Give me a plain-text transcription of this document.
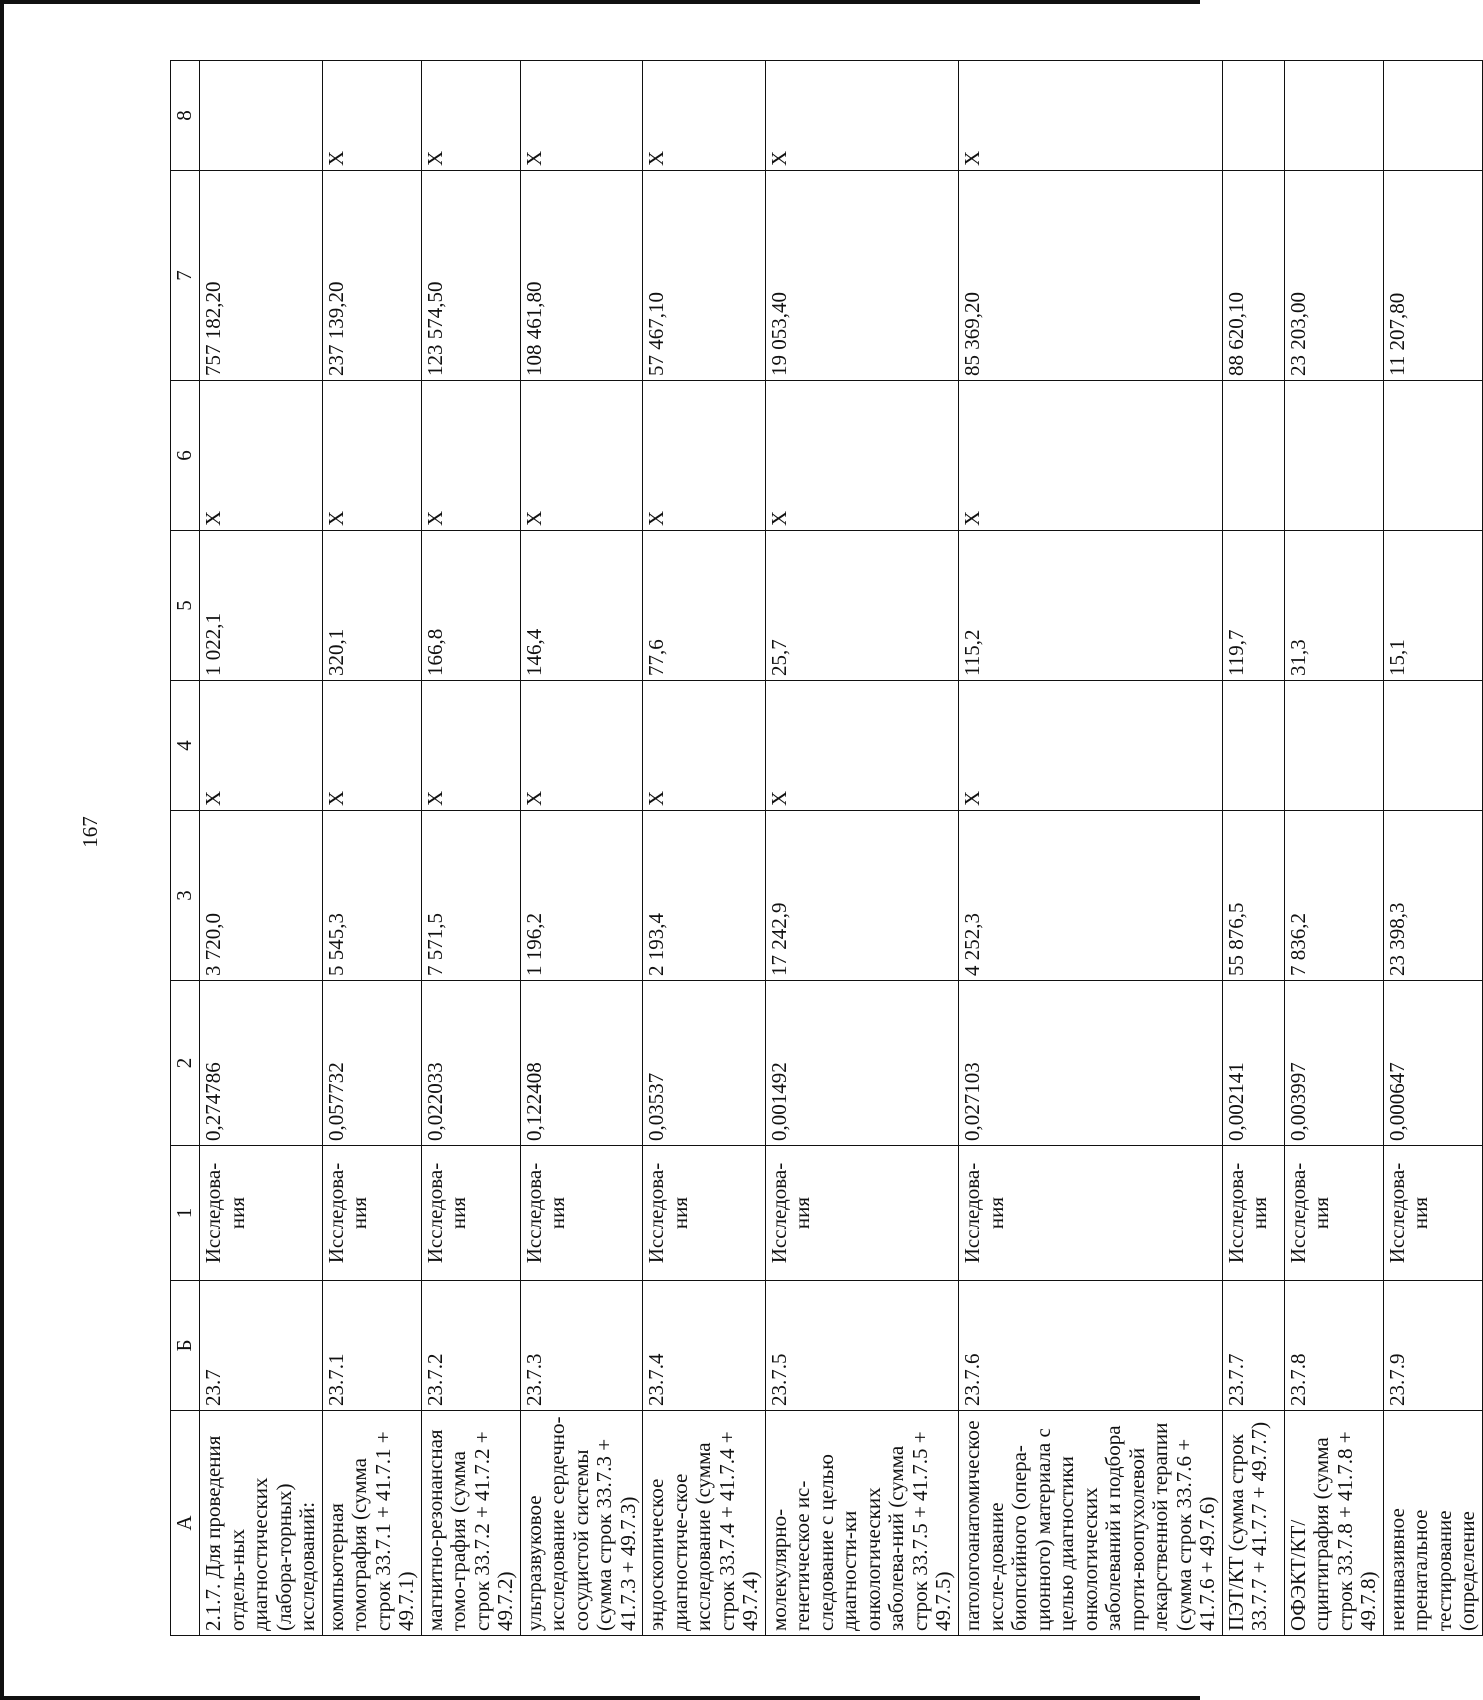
167
А	Б	1	2	3	4	5	6	7	8
2.1.7. Для проведения отдель-ных диагностических (лабора-торных) исследований:	23.7	Исследова-ния	0,274786	3 720,0	X	1 022,1	X	757 182,20	
компьютерная томография (сумма строк 33.7.1 + 41.7.1 + 49.7.1)	23.7.1	Исследова-ния	0,057732	5 545,3	X	320,1	X	237 139,20	X
магнитно-резонансная томо-графия (сумма строк 33.7.2 + 41.7.2 + 49.7.2)	23.7.2	Исследова-ния	0,022033	7 571,5	X	166,8	X	123 574,50	X
ультразвуковое исследование сердечно-сосудистой системы (сумма строк 33.7.3 + 41.7.3 + 49.7.3)	23.7.3	Исследова-ния	0,122408	1 196,2	X	146,4	X	108 461,80	X
эндоскопическое диагностиче-ское исследование (сумма строк 33.7.4 + 41.7.4 + 49.7.4)	23.7.4	Исследова-ния	0,03537	2 193,4	X	77,6	X	57 467,10	X
молекулярно-генетическое ис-следование с целью диагности-ки онкологических заболева-ний (сумма строк 33.7.5 + 41.7.5 + 49.7.5)	23.7.5	Исследова-ния	0,001492	17 242,9	X	25,7	X	19 053,40	X
патологоанатомическое иссле-дование биопсийного (опера-ционного) материала с целью диагностики онкологических заболеваний и подбора проти-воопухолевой лекарственной терапии (сумма строк 33.7.6 + 41.7.6 + 49.7.6)	23.7.6	Исследова-ния	0,027103	4 252,3	X	115,2	X	85 369,20	X
ПЭТ/КТ (сумма строк 33.7.7 + 41.7.7 + 49.7.7)	23.7.7	Исследова-ния	0,002141	55 876,5		119,7		88 620,10	
ОФЭКТ/КТ/сцинтиграфия (сумма строк 33.7.8 + 41.7.8 + 49.7.8)	23.7.8	Исследова-ния	0,003997	7 836,2		31,3		23 203,00	
неинвазивное пренатальное тестирование (определение	23.7.9	Исследова-ния	0,000647	23 398,3		15,1		11 207,80	
